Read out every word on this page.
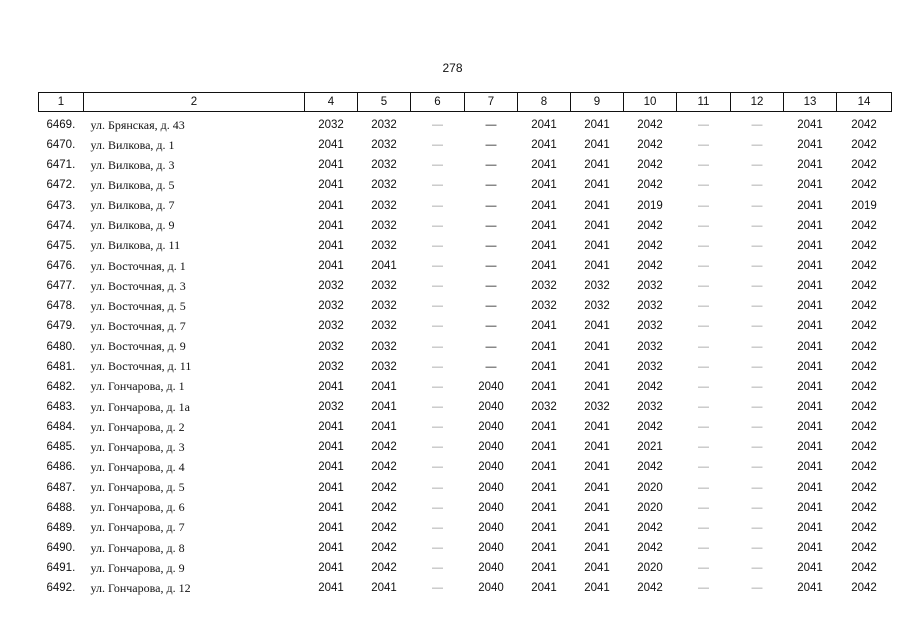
278
1	2	4	5	6	7	8	9	10	11	12	13	14
6469.	ул. Брянская, д. 43	2032	2032	—	—	2041	2041	2042	—	—	2041	2042
6470.	ул. Вилкова, д. 1	2041	2032	—	—	2041	2041	2042	—	—	2041	2042
6471.	ул. Вилкова, д. 3	2041	2032	—	—	2041	2041	2042	—	—	2041	2042
6472.	ул. Вилкова, д. 5	2041	2032	—	—	2041	2041	2042	—	—	2041	2042
6473.	ул. Вилкова, д. 7	2041	2032	—	—	2041	2041	2019	—	—	2041	2019
6474.	ул. Вилкова, д. 9	2041	2032	—	—	2041	2041	2042	—	—	2041	2042
6475.	ул. Вилкова, д. 11	2041	2032	—	—	2041	2041	2042	—	—	2041	2042
6476.	ул. Восточная, д. 1	2041	2041	—	—	2041	2041	2042	—	—	2041	2042
6477.	ул. Восточная, д. 3	2032	2032	—	—	2032	2032	2032	—	—	2041	2042
6478.	ул. Восточная, д. 5	2032	2032	—	—	2032	2032	2032	—	—	2041	2042
6479.	ул. Восточная, д. 7	2032	2032	—	—	2041	2041	2032	—	—	2041	2042
6480.	ул. Восточная, д. 9	2032	2032	—	—	2041	2041	2032	—	—	2041	2042
6481.	ул. Восточная, д. 11	2032	2032	—	—	2041	2041	2032	—	—	2041	2042
6482.	ул. Гончарова, д. 1	2041	2041	—	2040	2041	2041	2042	—	—	2041	2042
6483.	ул. Гончарова, д. 1а	2032	2041	—	2040	2032	2032	2032	—	—	2041	2042
6484.	ул. Гончарова, д. 2	2041	2041	—	2040	2041	2041	2042	—	—	2041	2042
6485.	ул. Гончарова, д. 3	2041	2042	—	2040	2041	2041	2021	—	—	2041	2042
6486.	ул. Гончарова, д. 4	2041	2042	—	2040	2041	2041	2042	—	—	2041	2042
6487.	ул. Гончарова, д. 5	2041	2042	—	2040	2041	2041	2020	—	—	2041	2042
6488.	ул. Гончарова, д. 6	2041	2042	—	2040	2041	2041	2020	—	—	2041	2042
6489.	ул. Гончарова, д. 7	2041	2042	—	2040	2041	2041	2042	—	—	2041	2042
6490.	ул. Гончарова, д. 8	2041	2042	—	2040	2041	2041	2042	—	—	2041	2042
6491.	ул. Гончарова, д. 9	2041	2042	—	2040	2041	2041	2020	—	—	2041	2042
6492.	ул. Гончарова, д. 12	2041	2041	—	2040	2041	2041	2042	—	—	2041	2042
